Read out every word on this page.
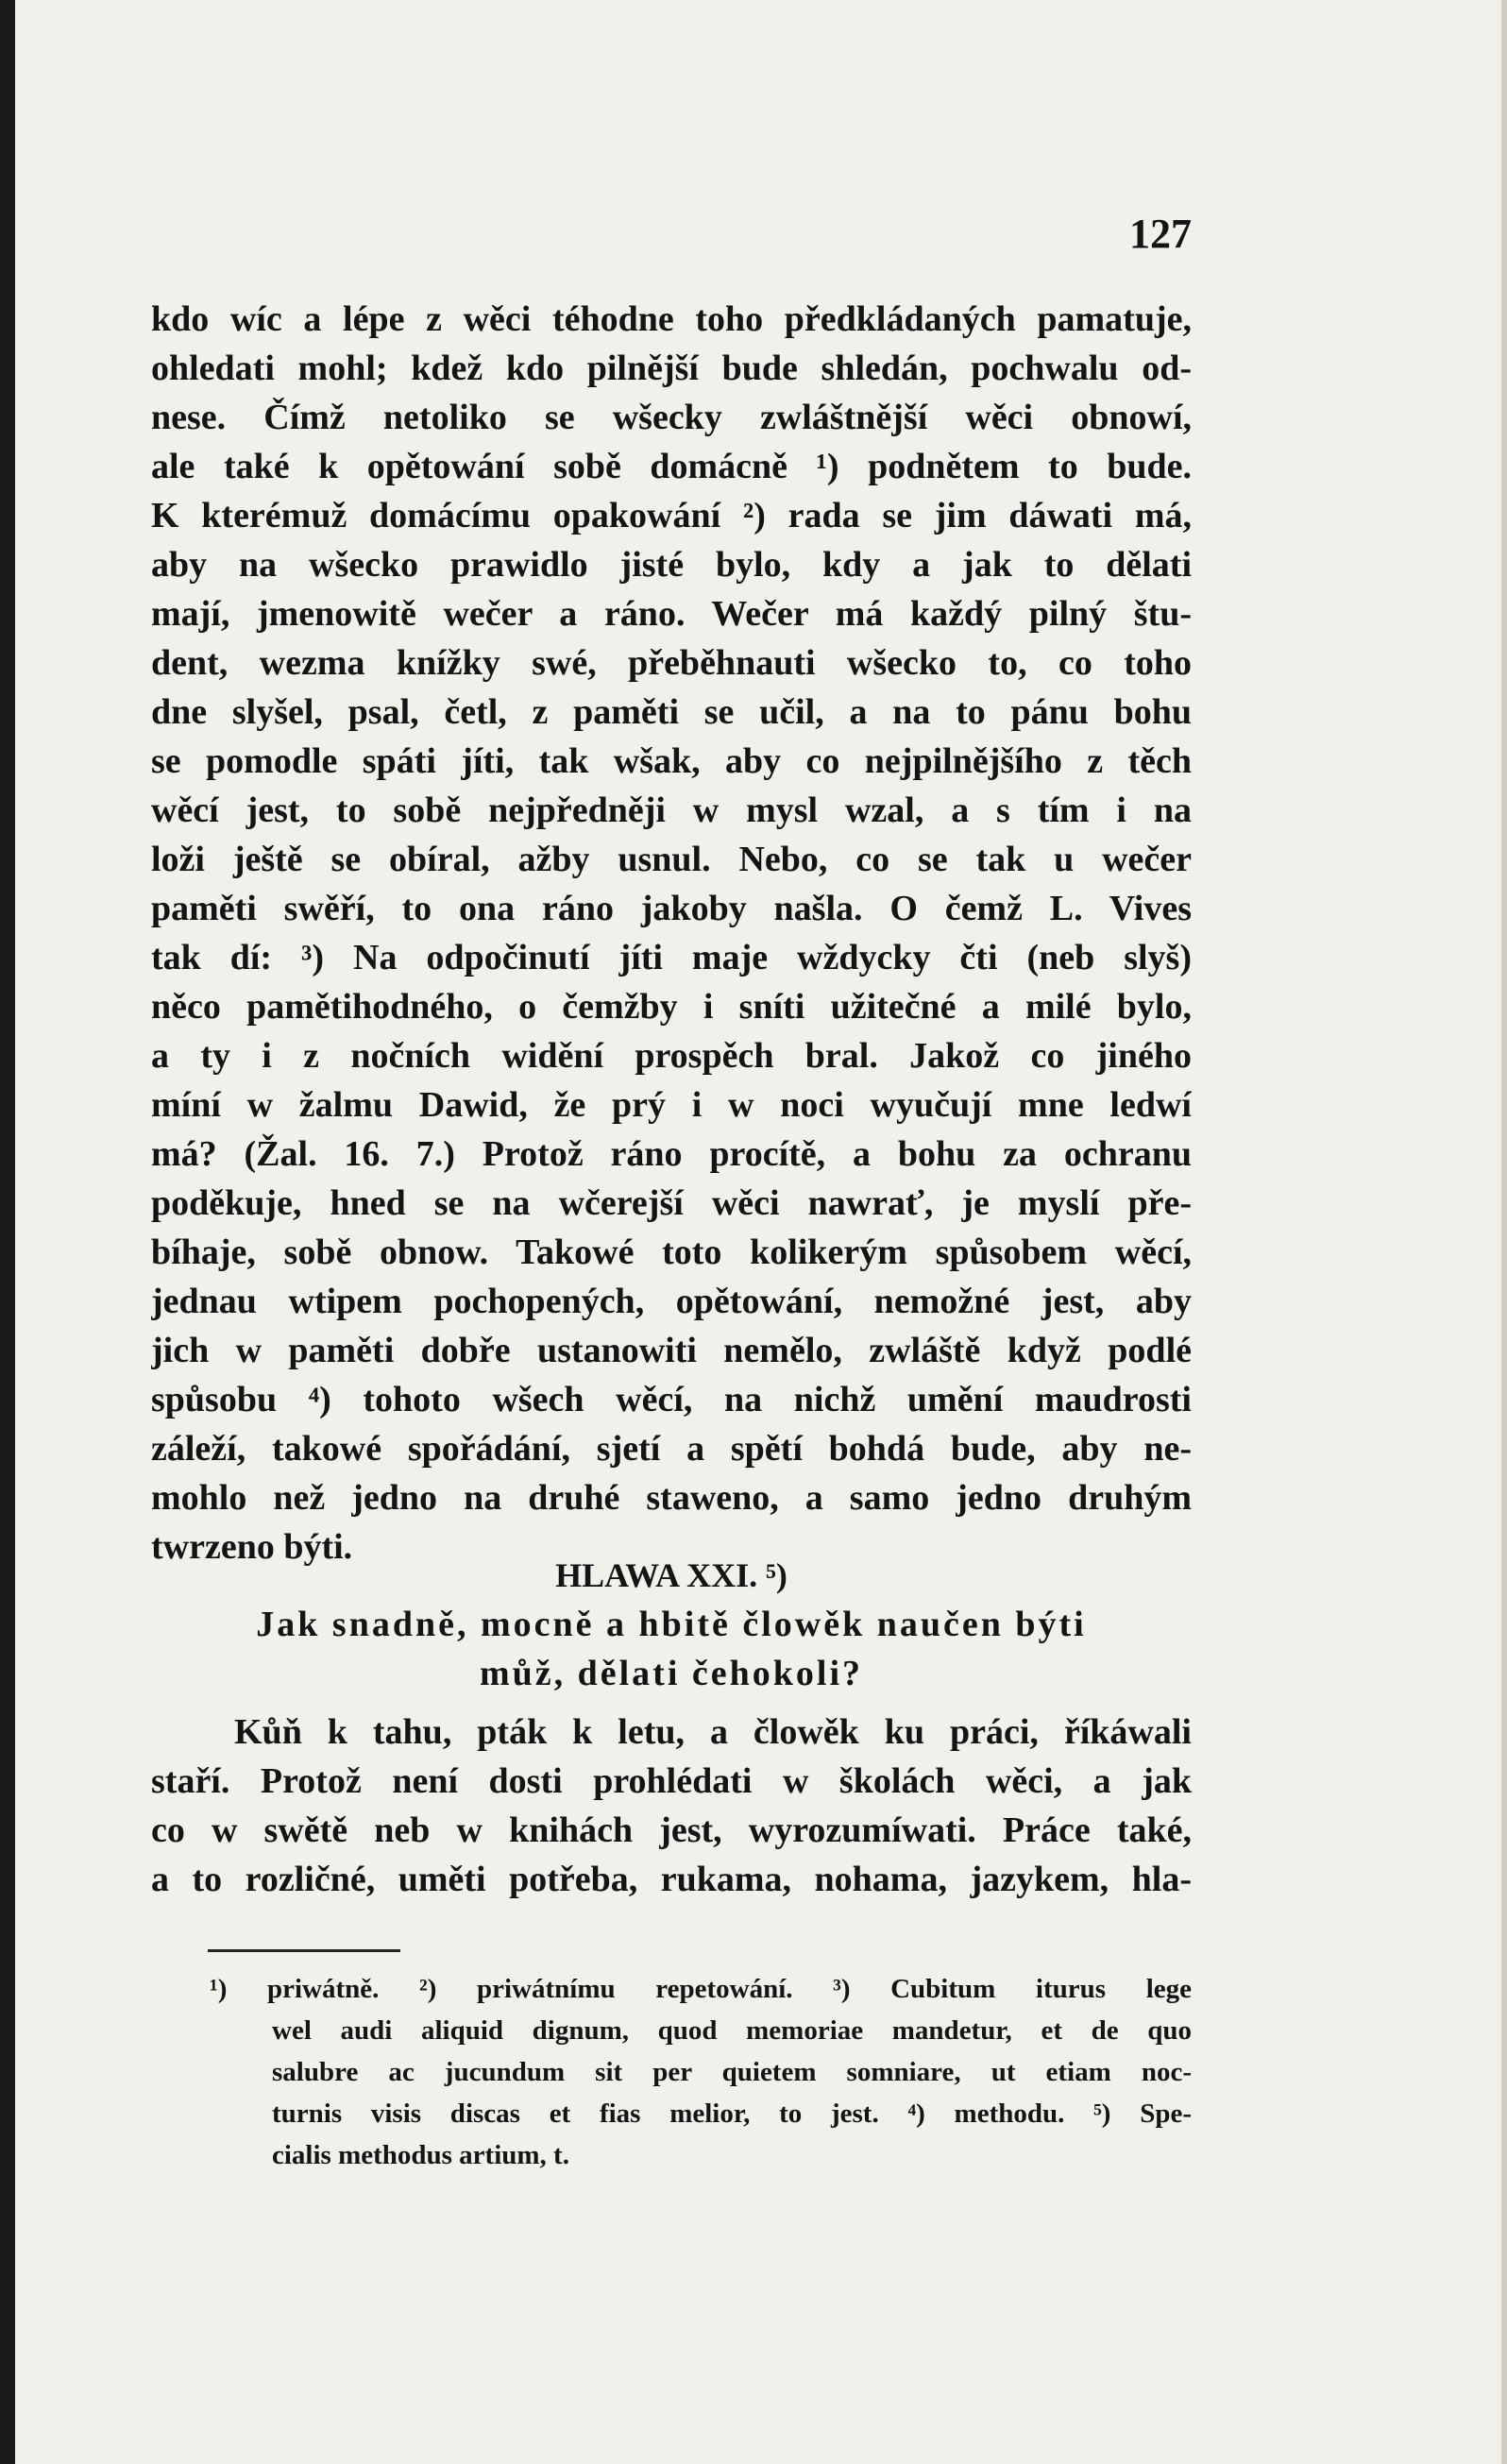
127
kdo wíc a lépe z wěci téhodne toho předkládaných pamatuje,
ohledati mohl; kdež kdo pilnější bude shledán, pochwalu od-
nese. Čímž netoliko se wšecky zwláštnější wěci obnowí,
ale také k opětowání sobě domácně ¹) podnětem to bude.
K kterémuž domácímu opakowání ²) rada se jim dáwati má,
aby na wšecko prawidlo jisté bylo, kdy a jak to dělati
mají, jmenowitě wečer a ráno. Wečer má každý pilný štu-
dent, wezma knížky swé, přeběhnauti wšecko to, co toho
dne slyšel, psal, četl, z paměti se učil, a na to pánu bohu
se pomodle spáti jíti, tak wšak, aby co nejpilnějšího z těch
wěcí jest, to sobě nejpředněji w mysl wzal, a s tím i na
loži ještě se obíral, ažby usnul. Nebo, co se tak u wečer
paměti swěří, to ona ráno jakoby našla. O čemž L. Vives
tak dí: ³) Na odpočinutí jíti maje wždycky čti (neb slyš)
něco pamětihodného, o čemžby i sníti užitečné a milé bylo,
a ty i z nočních widění prospěch bral. Jakož co jiného
míní w žalmu Dawid, že prý i w noci wyučují mne ledwí
má? (Žal. 16. 7.) Protož ráno procítě, a bohu za ochranu
poděkuje, hned se na wčerejší wěci nawrať, je myslí pře-
bíhaje, sobě obnow. Takowé toto kolikerým spůsobem wěcí,
jednau wtipem pochopených, opětowání, nemožné jest, aby
jich w paměti dobře ustanowiti nemělo, zwláště když podlé
spůsobu ⁴) tohoto wšech wěcí, na nichž umění maudrosti
záleží, takowé spořádání, sjetí a spětí bohdá bude, aby ne-
mohlo než jedno na druhé staweno, a samo jedno druhým
twrzeno býti.
HLAWA XXI. ⁵)
Jak snadně, mocně a hbitě člowěk naučen býti
můž, dělati čehokoli?
Kůň k tahu, pták k letu, a člowěk ku práci, říkáwali
staří. Protož není dosti prohlédati w školách wěci, a jak
co w swětě neb w knihách jest, wyrozumíwati. Práce také,
a to rozličné, uměti potřeba, rukama, nohama, jazykem, hla-
¹) priwátně. ²) priwátnímu repetowání. ³) Cubitum iturus lege
wel audi aliquid dignum, quod memoriae mandetur, et de quo
salubre ac jucundum sit per quietem somniare, ut etiam noc-
turnis visis discas et fias melior, to jest. ⁴) methodu. ⁵) Spe-
cialis methodus artium, t.
